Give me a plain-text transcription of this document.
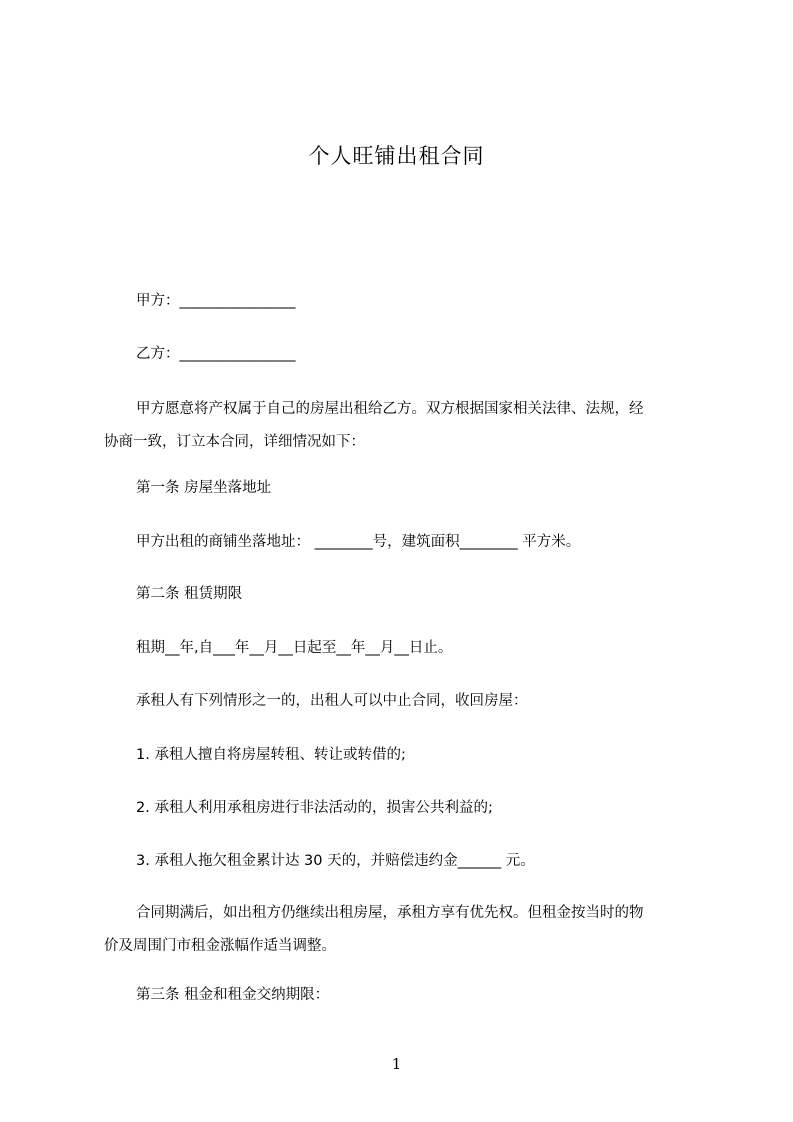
个人旺铺出租合同
甲方：________________
乙方：________________
甲方愿意将产权属于自己的房屋出租给乙方。双方根据国家相关法律、法规，经
协商一致，订立本合同，详细情况如下：
第一条 房屋坐落地址
甲方出租的商铺坐落地址： ________号，建筑面积________ 平方米。
第二条 租赁期限
租期__年,自___年__月__日起至__年__月__日止。
承租人有下列情形之一的，出租人可以中止合同，收回房屋：
1. 承租人擅自将房屋转租、转让或转借的;
2. 承租人利用承租房进行非法活动的，损害公共利益的;
3. 承租人拖欠租金累计达 30 天的，并赔偿违约金______ 元。
合同期满后，如出租方仍继续出租房屋，承租方享有优先权。但租金按当时的物
价及周围门市租金涨幅作适当调整。
第三条 租金和租金交纳期限：
1
